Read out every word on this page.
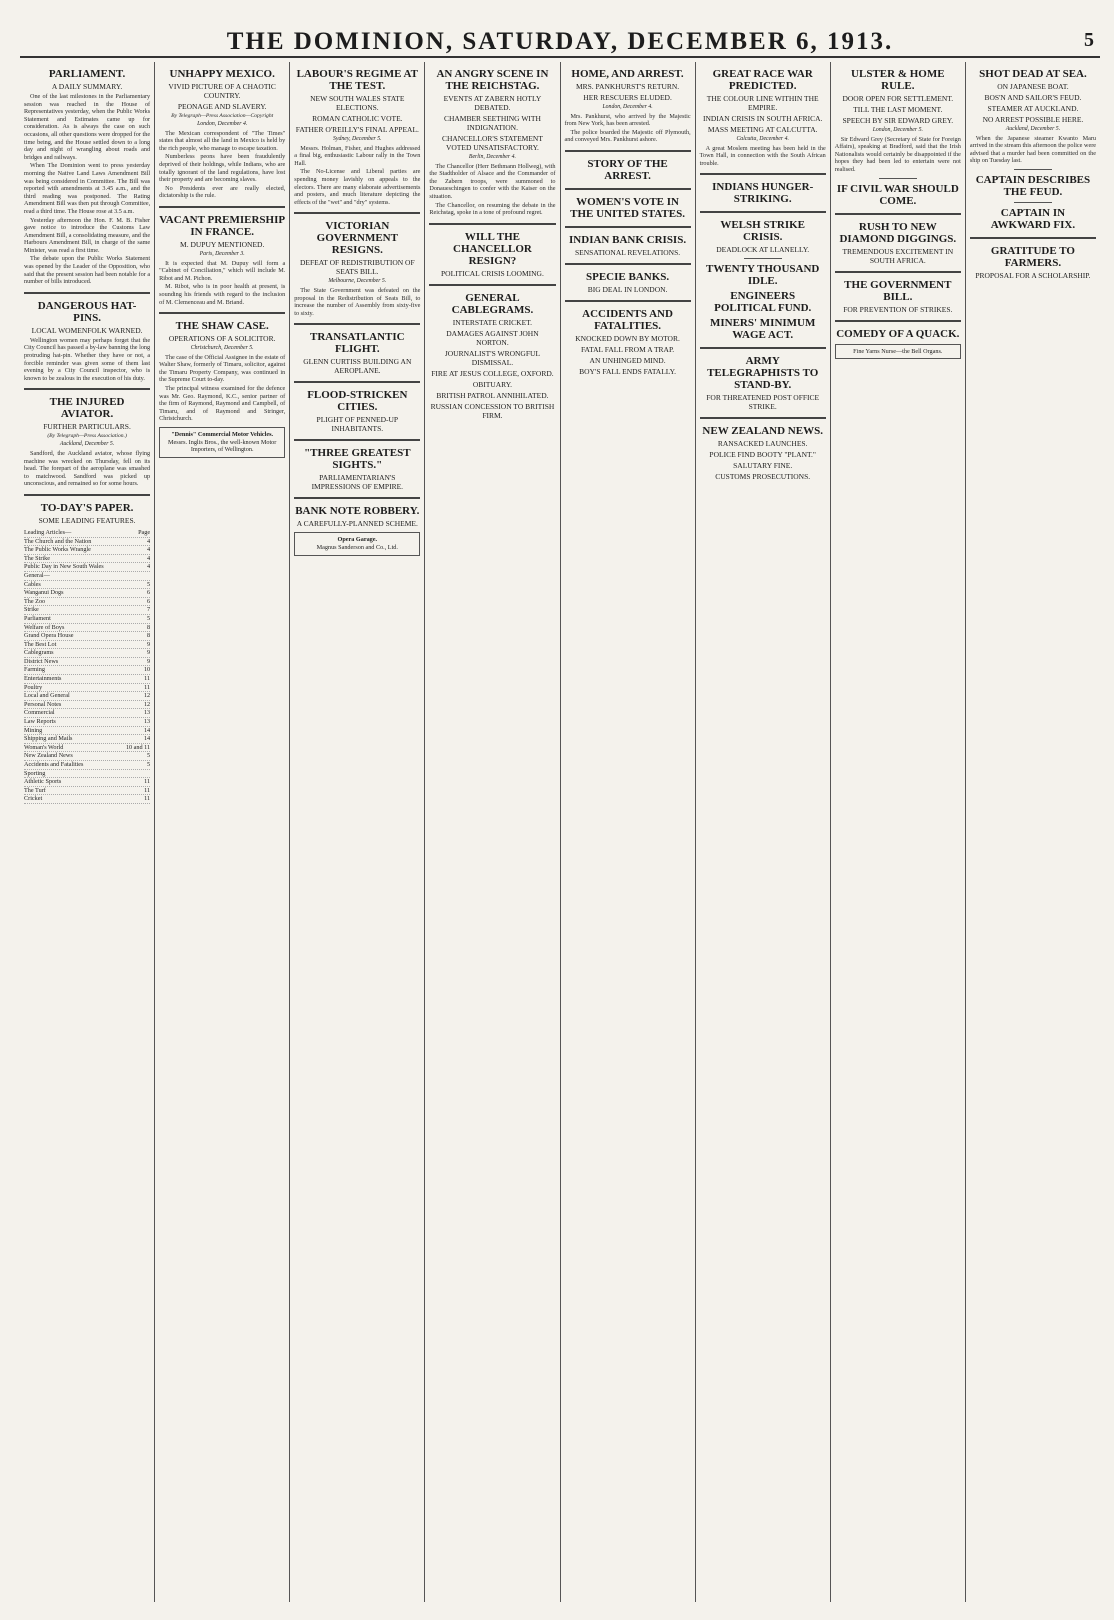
THE DOMINION, SATURDAY, DECEMBER 6, 1913.	5
PARLIAMENT.
A DAILY SUMMARY.

One of the last milestones in the Parliamentary session was reached in the House of Representatives yesterday, when the Public Works Statement and Estimates came up for consideration. As is always the case on such occasions, all other questions were dropped for the time being, and the House settled down to a long day and night of wrangling about roads and bridges and railways.

When The Dominion went to press yesterday morning the Native Land Laws Amendment Bill was being considered in Committee. The Bill was reported with amendments at 3.45 a.m., and the third reading was postponed. The Rating Amendment Bill was then put through Committee, read a third time. The House rose at 3.5 a.m.

Yesterday afternoon the Hon. F. M. B. Fisher gave notice to introduce the Customs Law Amendment Bill, a consolidating measure, and the Harbours Amendment Bill, in charge of the same Minister, was read a first time.

The debate upon the Public Works Statement was opened by the Leader of the Opposition, who said that the present session had been notable for a number of bills introduced.

DANGEROUS HAT-PINS.
LOCAL WOMENFOLK WARNED.

Wellington women may perhaps forget that the City Council has passed a by-law banning the long protruding hat-pin. Whether they have or not, a forcible reminder was given some of them last evening by a City Council inspector, who is known to be zealous in the execution of his duty.

THE INJURED AVIATOR.
FURTHER PARTICULARS.
(By Telegraph—Press Association.)
Auckland, December 5.

Sandford, the Auckland aviator, whose flying machine was wrecked on Thursday, fell on its head. The forepart of the aeroplane was smashed to matchwood. Sandford was picked up unconscious, and remained so for some hours.

TO-DAY'S PAPER.
SOME LEADING FEATURES.
Leading Articles—	Page
The Church and the Nation	4
The Public Works Wrangle	4
The Strike	4
Public Day in New South Wales	4
General—
Cables	5
Wanganui Dogs	6
The Zoo	6
Strike	7
Parliament	5
Welfare of Boys	8
Grand Opera House	8
The Best Lot	9
Cablegrams	9
District News	9
Farming	10
Entertainments	11
Poultry	11
Local and General	12
Personal Notes	12
Commercial	13
Law Reports	13
Mining	14
Shipping and Mails	14
Woman's World	10 and 11
New Zealand News	5
Accidents and Fatalities	5
Sporting
Athletic Sports	11
The Turf	11
Cricket	11
UNHAPPY MEXICO.
VIVID PICTURE OF A CHAOTIC COUNTRY.
PEONAGE AND SLAVERY.
By Telegraph—Press Association—Copyright
London, December 4.

The Mexican correspondent of "The Times" states that almost all the land in Mexico is held by the rich people, who manage to escape taxation.

Numberless peons have been fraudulently deprived of their holdings, while Indians, who are totally ignorant of the land regulations, have lost their property and are becoming slaves.

No Presidents ever are really elected, dictatorship is the rule.

VACANT PREMIERSHIP IN FRANCE.
M. DUPUY MENTIONED.
Paris, December 3.

It is expected that M. Dupuy will form a "Cabinet of Conciliation," which will include M. Ribot and M. Pichon.

M. Ribot, who is in poor health at present, is sounding his friends with regard to the inclusion of M. Clemenceau and M. Briand.

THE SHAW CASE.
OPERATIONS OF A SOLICITOR.
Christchurch, December 5.

The case of the Official Assignee in the estate of Walter Shaw, formerly of Timaru, solicitor, against the Timaru Property Company, was continued in the Supreme Court to-day.

The principal witness examined for the defence was Mr. Geo. Raymond, K.C., senior partner of the firm of Raymond, Raymond and Campbell, of Timaru, and of Raymond and Stringer, Christchurch.

"Dennis" Commercial Motor Vehicles.
Messrs. Inglis Bros., the well-known Motor Importers, of Wellington.
LABOUR'S REGIME AT THE TEST.
NEW SOUTH WALES STATE ELECTIONS.
ROMAN CATHOLIC VOTE.
FATHER O'REILLY'S FINAL APPEAL.
Sydney, December 5.

Messrs. Holman, Fisher, and Hughes addressed a final big, enthusiastic Labour rally in the Town Hall.

The No-License and Liberal parties are spending money lavishly on appeals to the electors. There are many elaborate advertisements and posters, and much literature depicting the effects of the "wet" and "dry" systems.

VICTORIAN GOVERNMENT RESIGNS.
DEFEAT OF REDISTRIBUTION OF SEATS BILL.
Melbourne, December 5.

The State Government was defeated on the proposal in the Redistribution of Seats Bill, to increase the number of Assembly from sixty-five to sixty.

TRANSATLANTIC FLIGHT.
GLENN CURTISS BUILDING AN AEROPLANE.
FLOOD-STRICKEN CITIES.
PLIGHT OF PENNED-UP INHABITANTS.
"THREE GREATEST SIGHTS."
PARLIAMENTARIAN'S IMPRESSIONS OF EMPIRE.
BANK NOTE ROBBERY.
A CAREFULLY-PLANNED SCHEME.
Opera Garage.
Magnus Sanderson and Co., Ltd.
AN ANGRY SCENE IN THE REICHSTAG.
EVENTS AT ZABERN HOTLY DEBATED.
CHAMBER SEETHING WITH INDIGNATION.
CHANCELLOR'S STATEMENT VOTED UNSATISFACTORY.
Berlin, December 4.

The Chancellor (Herr Bethmann Hollweg), with the Stadtholder of Alsace and the Commander of the Zabern troops, were summoned to Donaueschingen to confer with the Kaiser on the situation.

The Chancellor, on resuming the debate in the Reichstag, spoke in a tone of profound regret.

WILL THE CHANCELLOR RESIGN?
POLITICAL CRISIS LOOMING.
GENERAL CABLEGRAMS.
INTERSTATE CRICKET.
DAMAGES AGAINST JOHN NORTON.
JOURNALIST'S WRONGFUL DISMISSAL.
FIRE AT JESUS COLLEGE, OXFORD.
OBITUARY.
BRITISH PATROL ANNIHILATED.
RUSSIAN CONCESSION TO BRITISH FIRM.
HOME, AND ARREST.
MRS. PANKHURST'S RETURN.
HER RESCUERS ELUDED.
London, December 4.

Mrs. Pankhurst, who arrived by the Majestic from New York, has been arrested.

The police boarded the Majestic off Plymouth, and conveyed Mrs. Pankhurst ashore.

STORY OF THE ARREST.
WOMEN'S VOTE IN THE UNITED STATES.
INDIAN BANK CRISIS.
SENSATIONAL REVELATIONS.
SPECIE BANKS.
BIG DEAL IN LONDON.
ACCIDENTS AND FATALITIES.
KNOCKED DOWN BY MOTOR.
FATAL FALL FROM A TRAP.
AN UNHINGED MIND.
BOY'S FALL ENDS FATALLY.
GREAT RACE WAR PREDICTED.
THE COLOUR LINE WITHIN THE EMPIRE.
INDIAN CRISIS IN SOUTH AFRICA.
MASS MEETING AT CALCUTTA.
Calcutta, December 4.

A great Moslem meeting has been held in the Town Hall, in connection with the South African trouble.

INDIANS HUNGER-STRIKING.
WELSH STRIKE CRISIS.
DEADLOCK AT LLANELLY.
TWENTY THOUSAND IDLE.
ENGINEERS POLITICAL FUND.
MINERS' MINIMUM WAGE ACT.
ARMY TELEGRAPHISTS TO STAND-BY.
FOR THREATENED POST OFFICE STRIKE.
NEW ZEALAND NEWS.
RANSACKED LAUNCHES.
POLICE FIND BOOTY "PLANT."
SALUTARY FINE.
CUSTOMS PROSECUTIONS.
ULSTER & HOME RULE.
DOOR OPEN FOR SETTLEMENT.
TILL THE LAST MOMENT.
SPEECH BY SIR EDWARD GREY.
London, December 5.

Sir Edward Grey (Secretary of State for Foreign Affairs), speaking at Bradford, said that the Irish Nationalists would certainly be disappointed if the hopes they had been led to entertain were not realised.

IF CIVIL WAR SHOULD COME.
RUSH TO NEW DIAMOND DIGGINGS.
TREMENDOUS EXCITEMENT IN SOUTH AFRICA.
THE GOVERNMENT BILL.
FOR PREVENTION OF STRIKES.
COMEDY OF A QUACK.
Fine Yarns Nurse—the Bell Organs.
SHOT DEAD AT SEA.
ON JAPANESE BOAT.
BOS'N AND SAILOR'S FEUD.
STEAMER AT AUCKLAND.
NO ARREST POSSIBLE HERE.
Auckland, December 5.

When the Japanese steamer Kwanto Maru arrived in the stream this afternoon the police were advised that a murder had been committed on the ship on Tuesday last.

CAPTAIN DESCRIBES THE FEUD.
CAPTAIN IN AWKWARD FIX.
GRATITUDE TO FARMERS.
PROPOSAL FOR A SCHOLARSHIP.
